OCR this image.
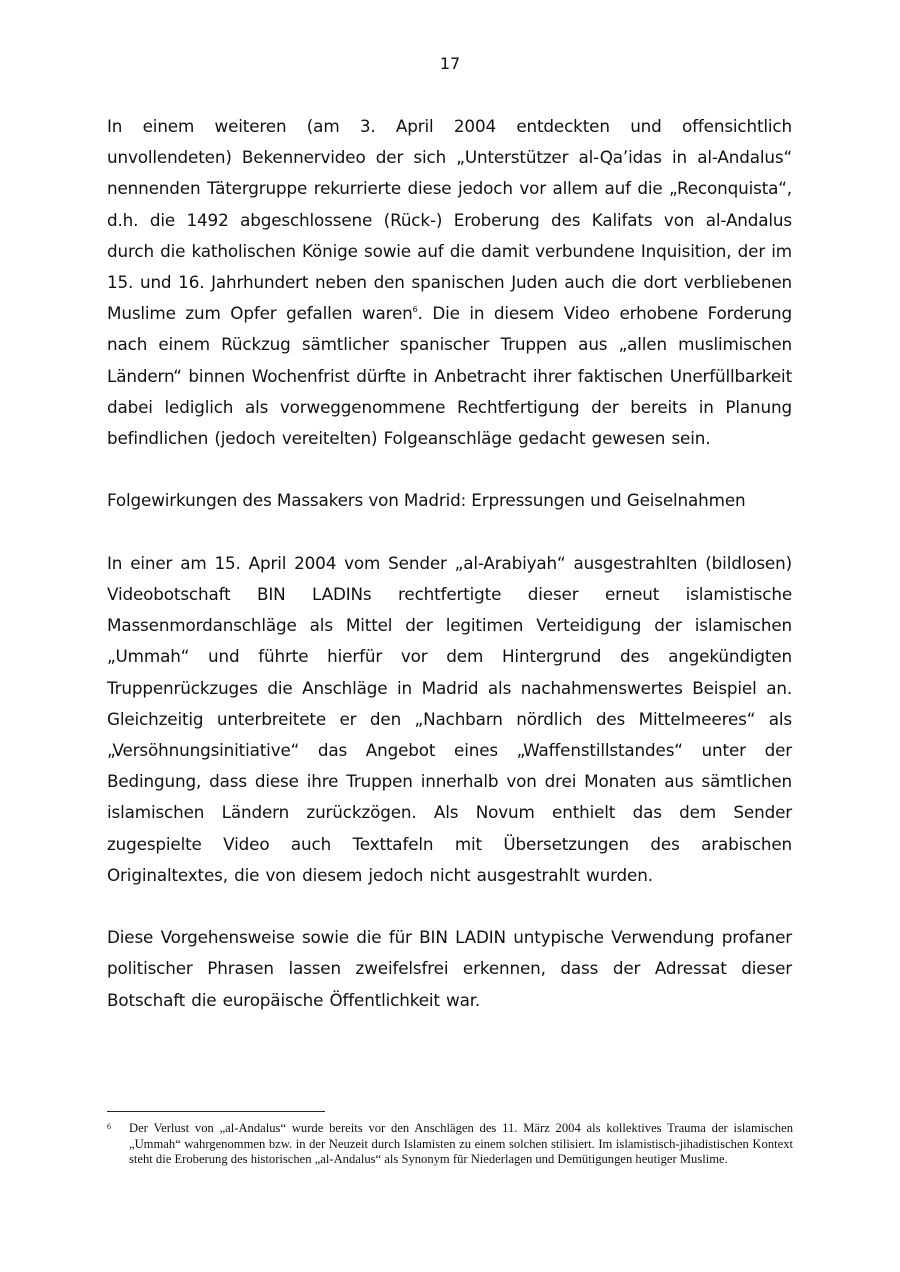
17

In einem weiteren (am 3. April 2004 entdeckten und offensichtlich unvollendeten) Bekennervideo der sich „Unterstützer al-Qa’idas in al-Andalus“ nennenden Tätergruppe rekurrierte diese jedoch vor allem auf die „Reconquista“, d.h. die 1492 abgeschlossene (Rück-) Eroberung des Kalifats von al-Andalus durch die katholischen Könige sowie auf die damit verbundene Inquisition, der im 15. und 16. Jahrhundert neben den spanischen Juden auch die dort verbliebenen Muslime zum Opfer gefallen waren$^6$. Die in diesem Video erhobene Forderung nach einem Rückzug sämtlicher spanischer Truppen aus „allen muslimischen Ländern“ binnen Wochenfrist dürfte in Anbetracht ihrer faktischen Unerfüllbarkeit dabei lediglich als vorweggenommene Rechtfertigung der bereits in Planung befindlichen (jedoch vereitelten) Folgeanschläge gedacht gewesen sein.

Folgewirkungen des Massakers von Madrid: Erpressungen und Geiselnahmen

In einer am 15. April 2004 vom Sender „al-Arabiyah“ ausgestrahlten (bildlosen) Videobotschaft BIN LADINs rechtfertigte dieser erneut islamistische Massenmordanschläge als Mittel der legitimen Verteidigung der islamischen „Ummah“ und führte hierfür vor dem Hintergrund des angekündigten Truppenrückzuges die Anschläge in Madrid als nachahmenswertes Beispiel an. Gleichzeitig unterbreitete er den „Nachbarn nördlich des Mittelmeeres“ als „Versöhnungsinitiative“ das Angebot eines „Waffenstillstandes“ unter der Bedingung, dass diese ihre Truppen innerhalb von drei Monaten aus sämtlichen islamischen Ländern zurückzögen. Als Novum enthielt das dem Sender zugespielte Video auch Texttafeln mit Übersetzungen des arabischen Originaltextes, die von diesem jedoch nicht ausgestrahlt wurden.

Diese Vorgehensweise sowie die für BIN LADIN untypische Verwendung profaner politischer Phrasen lassen zweifelsfrei erkennen, dass der Adressat dieser Botschaft die europäische Öffentlichkeit war.

6	Der Verlust von „al-Andalus“ wurde bereits vor den Anschlägen des 11. März 2004 als kollektives Trauma der islamischen „Ummah“ wahrgenommen bzw. in der Neuzeit durch Islamisten zu einem solchen stilisiert. Im islamistisch-jihadistischen Kontext steht die Eroberung des historischen „al-Andalus“ als Synonym für Niederlagen und Demütigungen heutiger Muslime.
